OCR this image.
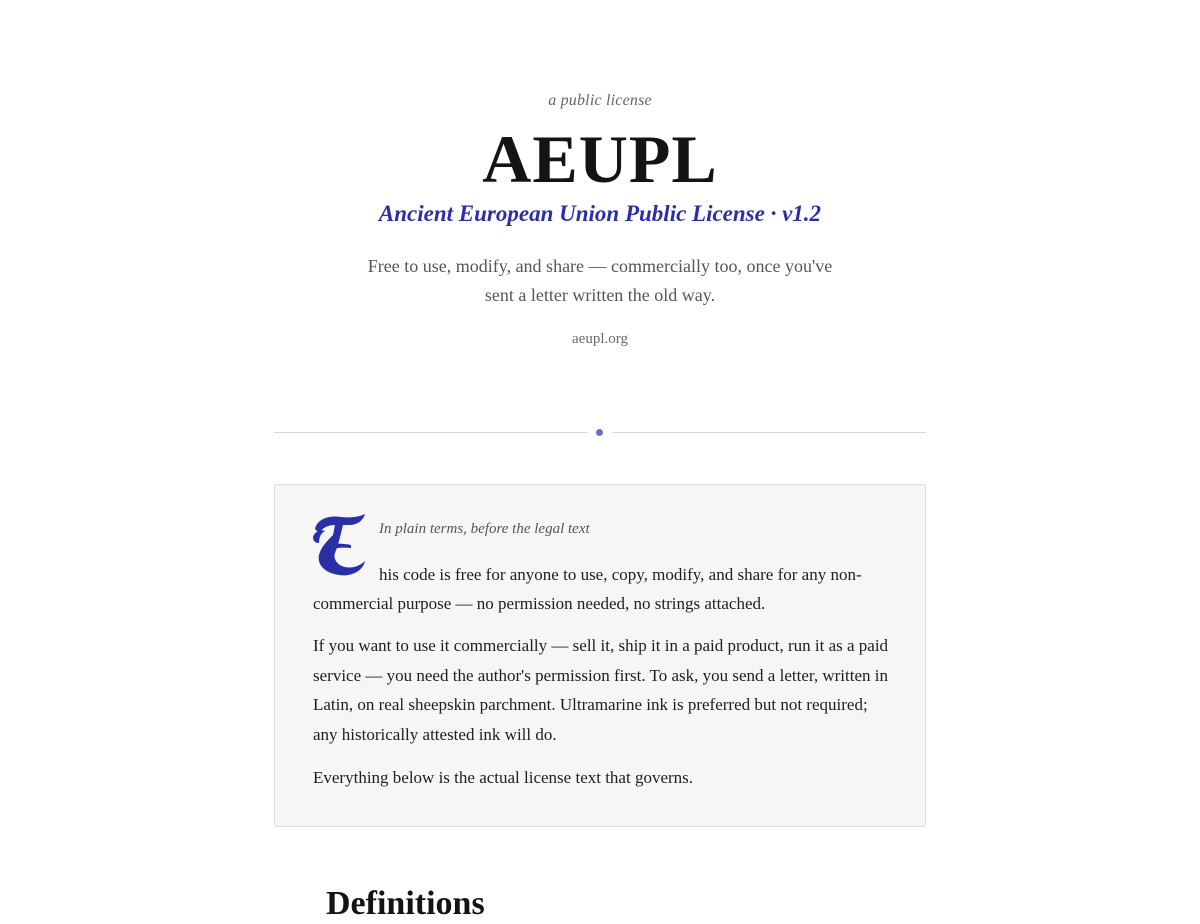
a public license
AEUPL
Ancient European Union Public License · v1.2
Free to use, modify, and share — commercially too, once you've sent a letter written the old way.
aeupl.org
In plain terms, before the legal text
his code is free for anyone to use, copy, modify, and share for any non-
commercial purpose — no permission needed, no strings attached.

If you want to use it commercially — sell it, ship it in a paid product, run it as a paid service — you need the author's permission first. To ask, you send a letter, written in Latin, on real sheepskin parchment. Ultramarine ink is preferred but not required; any historically attested ink will do.

Everything below is the actual license text that governs.

Definitions
